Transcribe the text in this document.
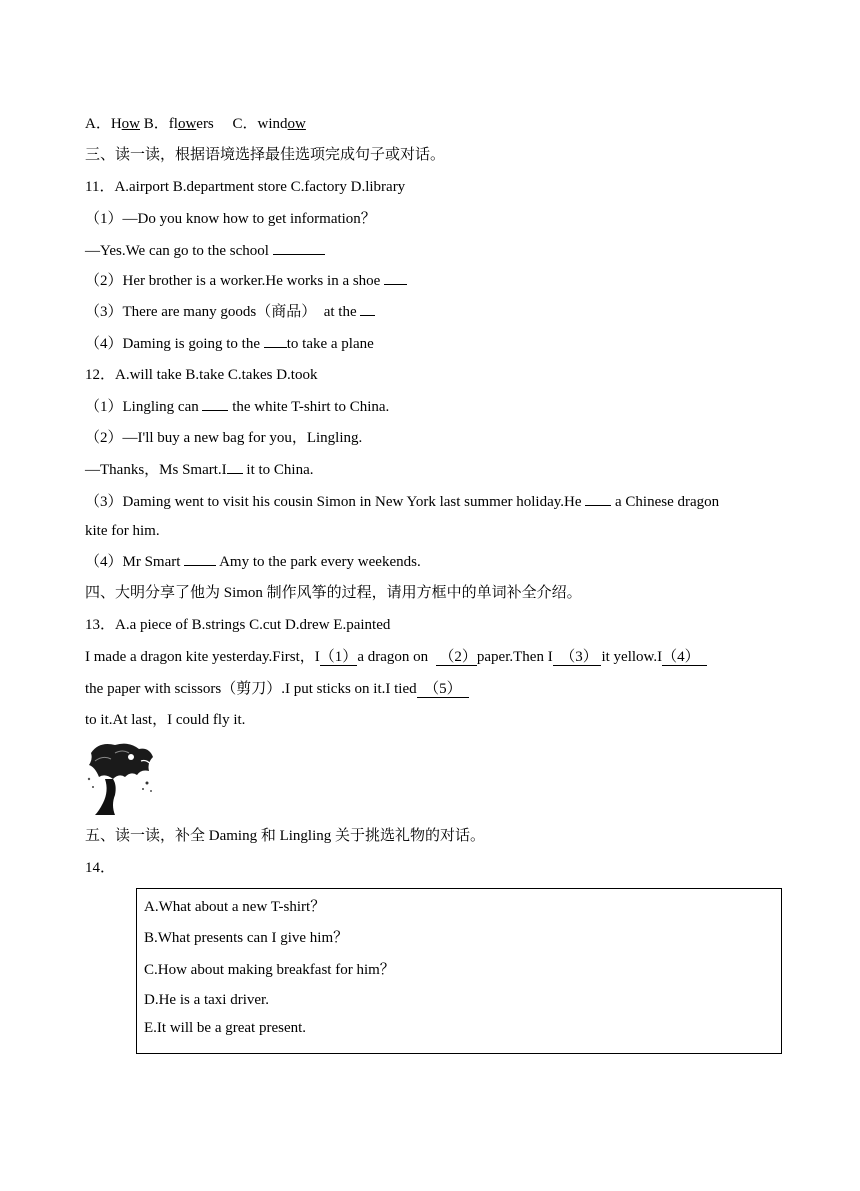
A．How B．flowers     C．window
三、读一读，根据语境选择最佳选项完成句子或对话。
11．A.airport B.department store C.factory D.library
（1）—Do you know how to get information？
—Yes.We can go to the school
（2）Her brother is a worker.He works in a shoe
（3）There are many goods（商品）  at the
（4）Daming is going to the to take a plane
12．A.will take B.take C.takes D.took
（1）Lingling can  the white T-shirt to China.
（2）—I'll buy a new bag for you，Lingling.
—Thanks，Ms Smart.I it to China.
（3）Daming went to visit his cousin Simon in New York last summer holiday.He  a Chinese dragon
kite for him.
（4）Mr Smart  Amy to the park every weekends.
四、大明分享了他为 Simon 制作风筝的过程，请用方框中的单词补全介绍。
13．A.a piece of B.strings C.cut D.drew E.painted
I made a dragon kite yesterday.First，I（1）a dragon on   （2）paper.Then I  （3） it yellow.I（4）
the paper with scissors（剪刀）.I put sticks on it.I tied  （5）
to it.At last，I could fly it.
五、读一读，补全 Daming 和 Lingling 关于挑选礼物的对话。
14．
A.What about a new T-shirt？
B.What presents can I give him？
C.How about making breakfast for him？
D.He is a taxi driver.
E.It will be a great present.
